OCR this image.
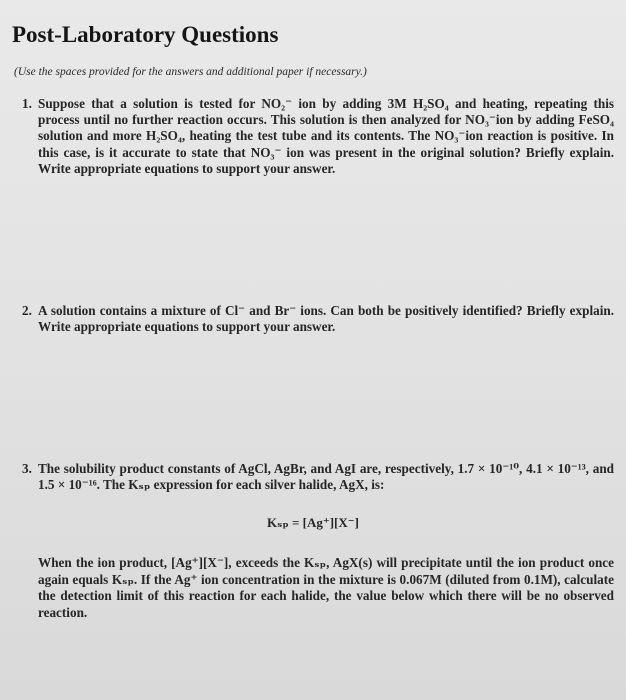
Post-Laboratory Questions
(Use the spaces provided for the answers and additional paper if necessary.)
1. Suppose that a solution is tested for NO₂⁻ ion by adding 3M H₂SO₄ and heating, repeating this
process until no further reaction occurs. This solution is then analyzed for NO₃⁻ion by adding FeSO₄
solution and more H₂SO₄, heating the test tube and its contents. The NO₃⁻ion reaction is positive. In
this case, is it accurate to state that NO₃⁻ ion was present in the original solution? Briefly explain.
Write appropriate equations to support your answer.
2. A solution contains a mixture of Cl⁻ and Br⁻ ions. Can both be positively identified? Briefly explain.
Write appropriate equations to support your answer.
3. The solubility product constants of AgCl, AgBr, and AgI are, respectively, 1.7 × 10⁻¹⁰, 4.1 × 10⁻¹³, and
1.5 × 10⁻¹⁶. The Kₛₚ expression for each silver halide, AgX, is:
Kₛₚ = [Ag⁺][X⁻]
When the ion product, [Ag⁺][X⁻], exceeds the Kₛₚ, AgX(s) will precipitate until the ion product once
again equals Kₛₚ. If the Ag⁺ ion concentration in the mixture is 0.067M (diluted from 0.1M), calculate
the detection limit of this reaction for each halide, the value below which there will be no observed
reaction.
